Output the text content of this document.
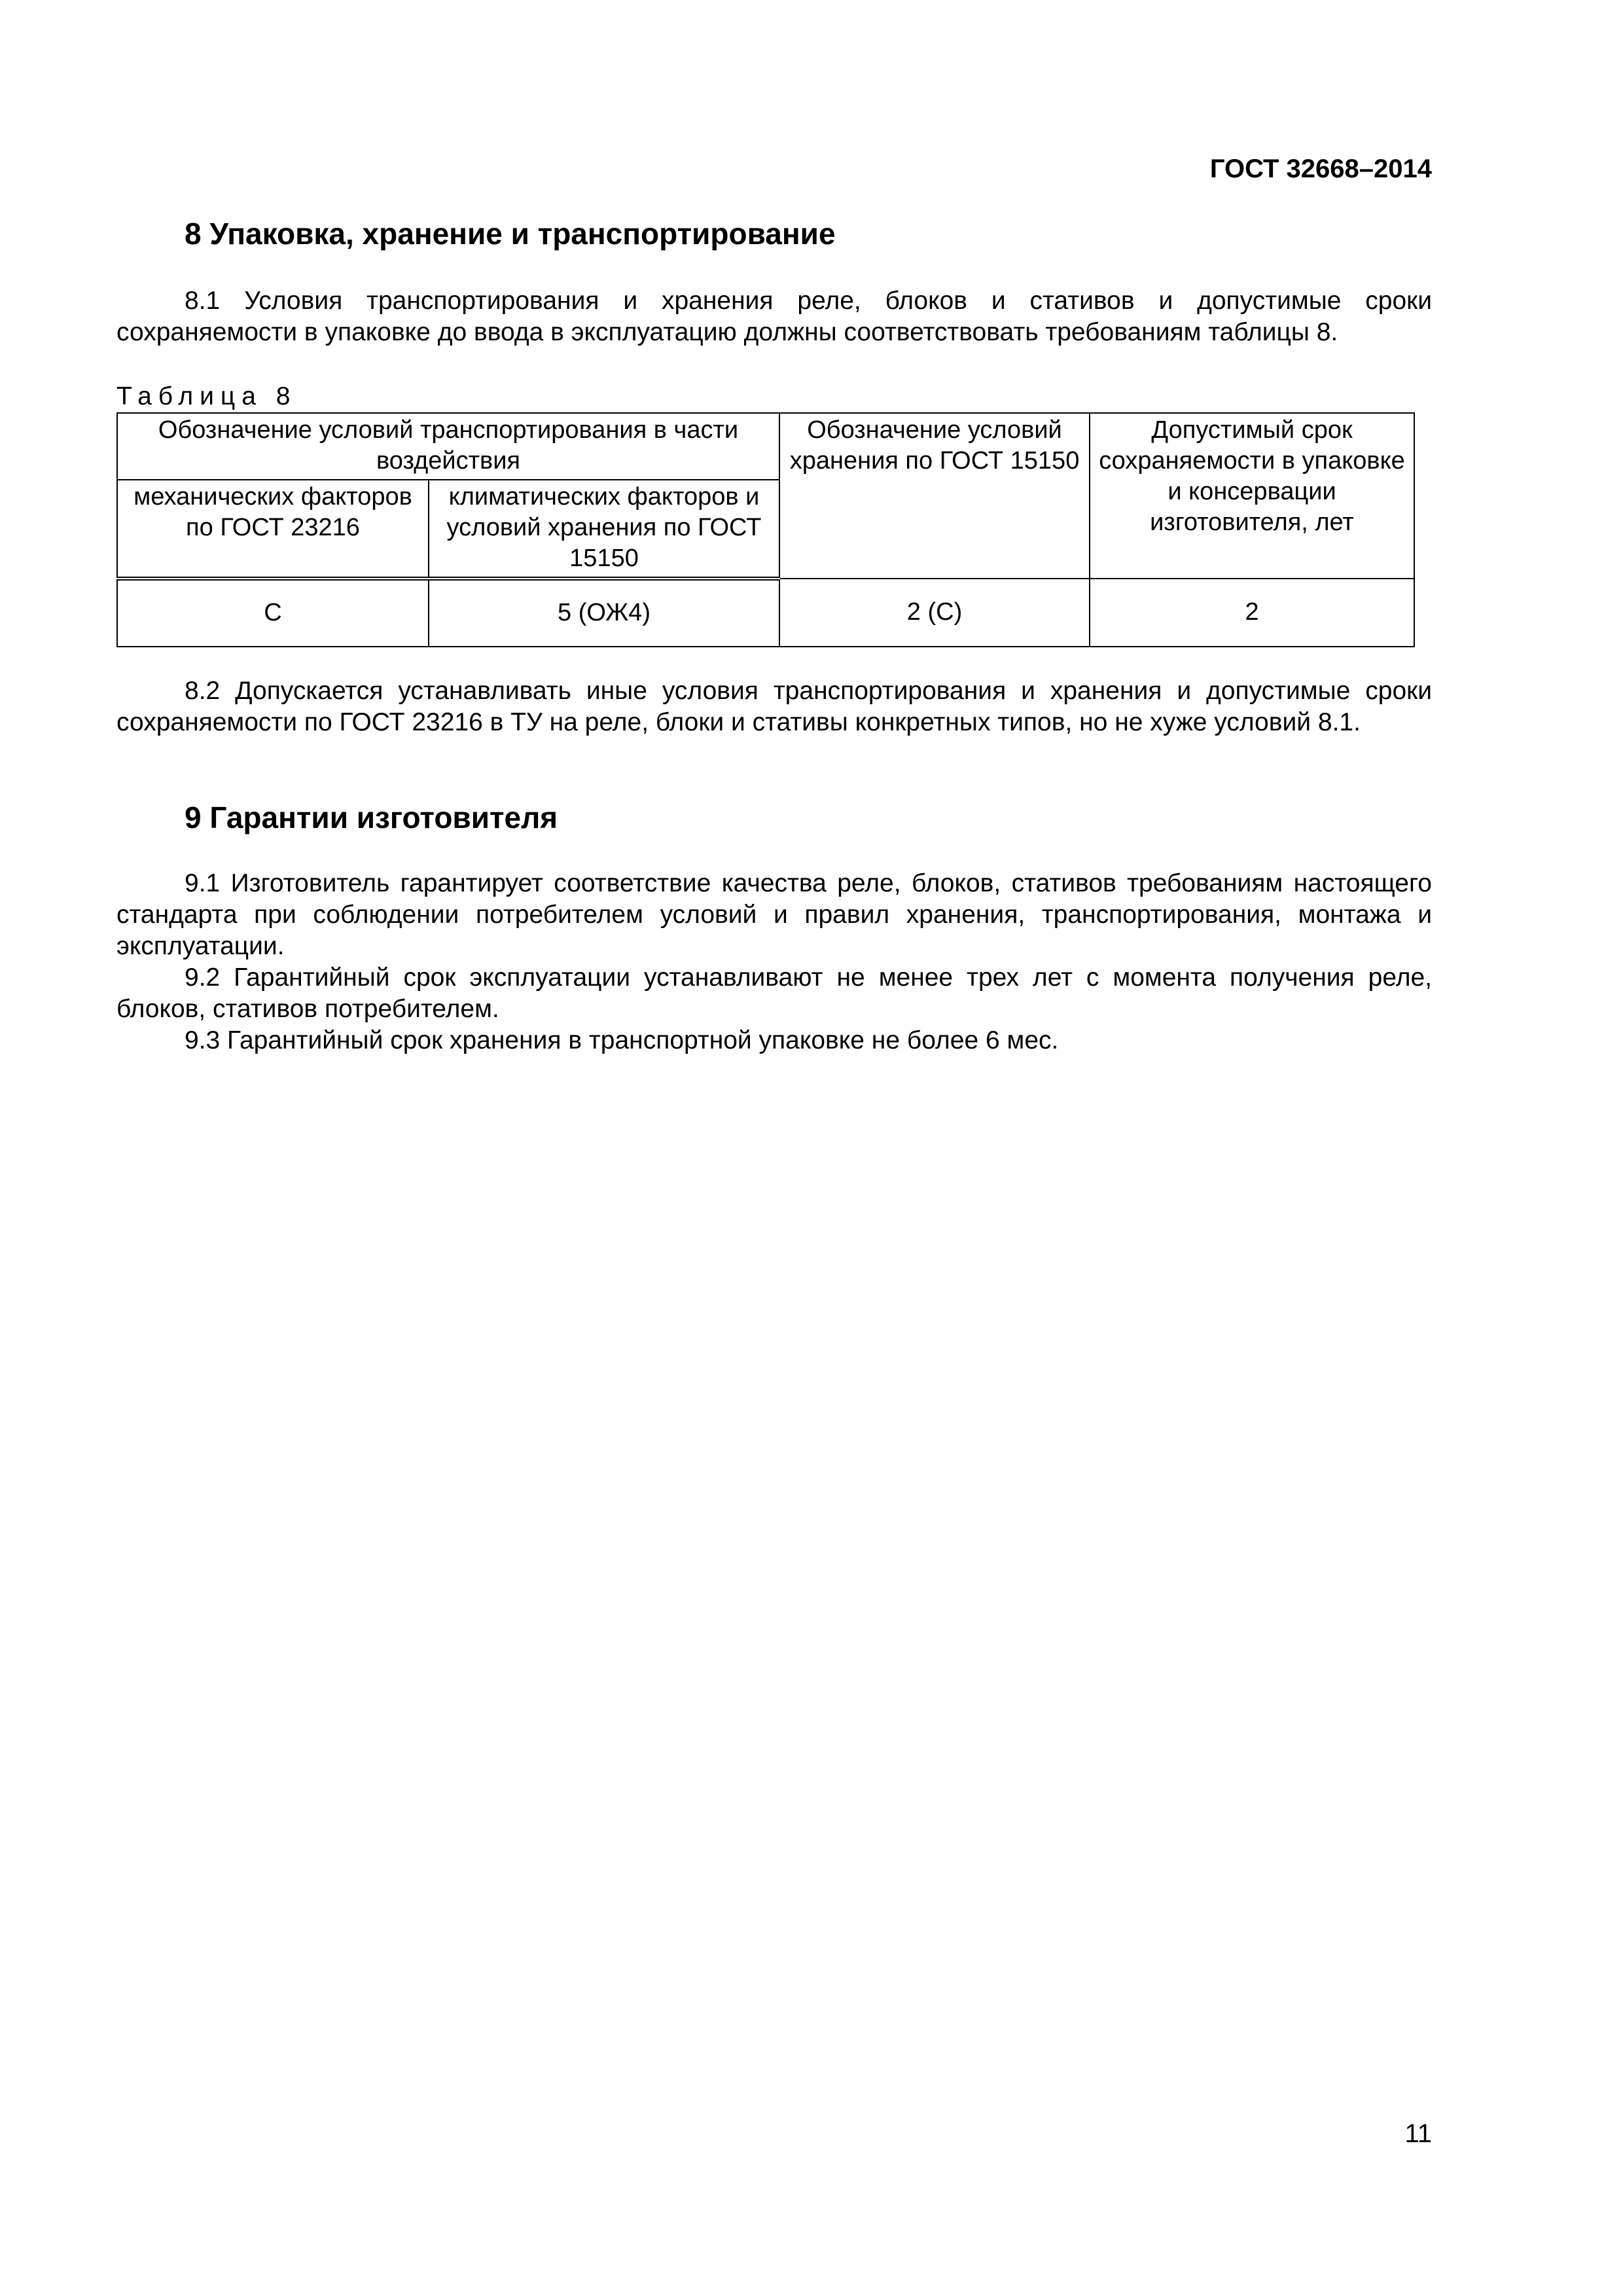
ГОСТ 32668–2014
8 Упаковка, хранение и транспортирование

8.1 Условия транспортирования и хранения реле, блоков и стативов и допустимые сроки сохраняемости в упаковке до ввода в эксплуатацию должны соответствовать требованиям таблицы 8.

Таблица 8
Обозначение условий транспортирования в части воздействия		Обозначение условий хранения по ГОСТ 15150	Допустимый срок сохраняемости в упаковке и консервации изготовителя, лет
механических факторов по ГОСТ 23216	климатических факторов и условий хранения по ГОСТ 15150		
С	5 (ОЖ4)	2 (С)	2

8.2 Допускается устанавливать иные условия транспортирования и хранения и допустимые сроки сохраняемости по ГОСТ 23216 в ТУ на реле, блоки и стативы конкретных типов, но не хуже условий 8.1.

9 Гарантии изготовителя

9.1 Изготовитель гарантирует соответствие качества реле, блоков, стативов требованиям настоящего стандарта при соблюдении потребителем условий и правил хранения, транспортирования, монтажа и эксплуатации.

9.2 Гарантийный срок эксплуатации устанавливают не менее трех лет с момента получения реле, блоков, стативов потребителем.

9.3 Гарантийный срок хранения в транспортной упаковке не более 6 мес.

11
